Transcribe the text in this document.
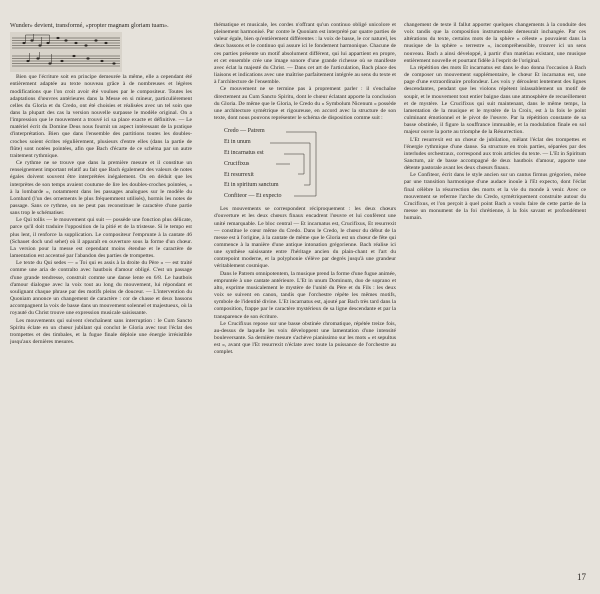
Wunder» devient, transformé, «propter magnam gloriam tuam».

Bien que l'écriture soit en principe demeurée la même, elle a cependant été entièrement adaptée au texte nouveau grâce à de nombreuses et légères modifications que l'on croit avoir été voulues par le compositeur. Toutes les adaptations d'œuvres antérieures dans la Messe en si mineur, particulièrement celles du Gloria et du Credo, ont été choisies et réalisées avec un tel soin que dans la plupart des cas la version nouvelle surpasse le modèle original. On a l'impression que le mouvement a trouvé ici sa place exacte et définitive. — Le matériel écrit du Domine Deus nous fournit un aspect intéressant de la pratique d'interprétation. Bien que dans l'ensemble des partitions toutes les doubles-croches soient écrites régulièrement, plusieurs d'entre elles (dans la partie de flûte) sont notées pointées, afin que Bach d'écarte de ce schéma par un autre traitement rythmique.

Ce rythme ne se trouve que dans la première mesure et il constitue un renseignement important relatif au fait que Bach également des valeurs de notes égales doivent souvent être interprétées inégalement. On en déduit que les interprètes de son temps avaient coutume de lire les doubles-croches pointées, « à la lombarde », notamment dans les passages analogues sur le modèle du Lombard (l'un des ornements le plus fréquemment utilisés), hormis les notes de passage. Sans ce rythme, on ne peut pas reconstituer le caractère d'une partie sans trop le schématiser.

Le Qui tollis — le mouvement qui suit — possède une fonction plus délicate, parce qu'il doit traduire l'opposition de la pitié et de la tristesse. Si le tempo est plus lent, il renforce la supplication. Le compositeur l'emprunte à la cantate 46 (Schauet doch und sehet) où il apparaît en ouverture sous la forme d'un chœur. La version pour la messe est cependant moins étendue et le caractère de lamentation est accentué par l'abandon des parties de trompettes.

Le texte du Qui sedes — « Toi qui es assis à la droite du Père » — est traité comme une aria de contralto avec hautbois d'amour obligé. C'est un passage d'une grande tendresse, construit comme une danse lente en 6/8. Le hautbois d'amour dialogue avec la voix tout au long du mouvement, lui répondant et soulignant chaque phrase par des motifs pleins de douceur. — L'intervention du Quoniam annonce un changement de caractère : cor de chasse et deux bassons accompagnent la voix de basse dans un mouvement solennel et majestueux, où la royauté du Christ trouve une expression musicale saisissante.

Les mouvements qui suivent s'enchaînent sans interruption : le Cum Sancto Spiritu éclate en un chœur jubilant qui conclut le Gloria avec tout l'éclat des trompettes et des timbales, et la fugue finale déploie une énergie irrésistible jusqu'aux dernières mesures.

thématique et musicale, les cordes n'offrant qu'un continuo obligé unicolore et pleinement harmonisé. Par contre le Quoniam est interprété par quatre parties de valeur égale, bien qu'entièrement différentes : la voix de basse, le cor naturel, les deux bassons et le continuo qui assure ici le fondement harmonique. Chacune de ces parties présente un motif absolument différent, qui lui appartient en propre, et cet ensemble crée une image sonore d'une grande richesse où se manifeste avec éclat la majesté du Christ. — Dans cet art de l'articulation, Bach place des liaisons et indications avec une maîtrise parfaitement intégrée au sens du texte et à l'architecture de l'ensemble.

Ce mouvement ne se termine pas à proprement parler : il s'enchaîne directement au Cum Sancto Spiritu, dont le chœur éclatant apporte la conclusion du Gloria. De même que le Gloria, le Credo du « Symbolum Nicenum » possède une architecture symétrique et rigoureuse, en accord avec la structure de son texte, dont nous pouvons représenter le schéma de disposition comme suit :

Credo — Patrem
Et in unum
Et incarnatus est
Crucifixus
Et resurrexit
Et in spiritum sanctum
Confiteor — Et expecto

Les mouvements se correspondent réciproquement : les deux chœurs d'ouverture et les deux chœurs finaux encadrent l'œuvre et lui confèrent une unité remarquable. Le bloc central — Et incarnatus est, Crucifixus, Et resurrexit — constitue le cœur même du Credo. Dans le Credo, le chœur du début de la messe est à l'origine, à la cantate de même que le Gloria est un chœur de fête qui commence à la manière d'une antique intonation grégorienne. Bach réalise ici une synthèse saisissante entre l'héritage ancien du plain-chant et l'art du contrepoint moderne, et la polyphonie s'élève par degrés jusqu'à une grandeur véritablement cosmique.

Dans le Patrem omnipotentem, la musique prend la forme d'une fugue animée, empruntée à une cantate antérieure. L'Et in unum Dominum, duo de soprano et alto, exprime musicalement le mystère de l'unité du Père et du Fils : les deux voix se suivent en canon, tandis que l'orchestre répète les mêmes motifs, symbole de l'identité divine. L'Et incarnatus est, ajouté par Bach très tard dans la composition, frappe par le caractère mystérieux de sa ligne descendante et par la transparence de son écriture.

Le Crucifixus repose sur une basse obstinée chromatique, répétée treize fois, au-dessus de laquelle les voix développent une lamentation d'une intensité bouleversante. Sa dernière mesure s'achève pianissimo sur les mots « et sepultus est », avant que l'Et resurrexit n'éclate avec toute la puissance de l'orchestre au complet.

changement de texte il fallut apporter quelques changements à la conduite des voix tandis que la composition instrumentale demeurait inchangée. Par ces altérations du texte, certains mots de la sphère « céleste » pouvaient dans la musique de la sphère « terrestre », incompréhensible, trouver ici un sens nouveau. Bach a ainsi développé, à partir d'un matériau existant, une musique entièrement nouvelle et pourtant fidèle à l'esprit de l'original.

La répétition des mots Et incarnatus est dans le duo donna l'occasion à Bach de composer un mouvement supplémentaire, le chœur Et incarnatus est, une page d'une extraordinaire profondeur. Les voix y déroulent lentement des lignes descendantes, pendant que les violons répètent inlassablement un motif de soupir, et le mouvement tout entier baigne dans une atmosphère de recueillement et de mystère. Le Crucifixus qui suit maintenant, dans le même temps, la lamentation de la musique et le mystère de la Croix, est à la fois le point culminant émotionnel et le pivot de l'œuvre. Par la répétition constante de sa basse obstinée, il figure la souffrance immuable, et la modulation finale en sol majeur ouvre la porte au triomphe de la Résurrection.

L'Et resurrexit est un chœur de jubilation, mêlant l'éclat des trompettes et l'énergie rythmique d'une danse. Sa structure en trois parties, séparées par des interludes orchestraux, correspond aux trois articles du texte. — L'Et in Spiritum Sanctum, air de basse accompagné de deux hautbois d'amour, apporte une détente pastorale avant les deux chœurs finaux.

Le Confiteor, écrit dans le style ancien sur un cantus firmus grégorien, mène par une transition harmonique d'une audace inouïe à l'Et expecto, dont l'éclat final célèbre la résurrection des morts et la vie du monde à venir. Avec ce mouvement se referme l'arche du Credo, symétriquement construite autour du Crucifixus, et l'on perçoit à quel point Bach a voulu faire de cette partie de la messe un monument de la foi chrétienne, à la fois savant et profondément humain.

17
